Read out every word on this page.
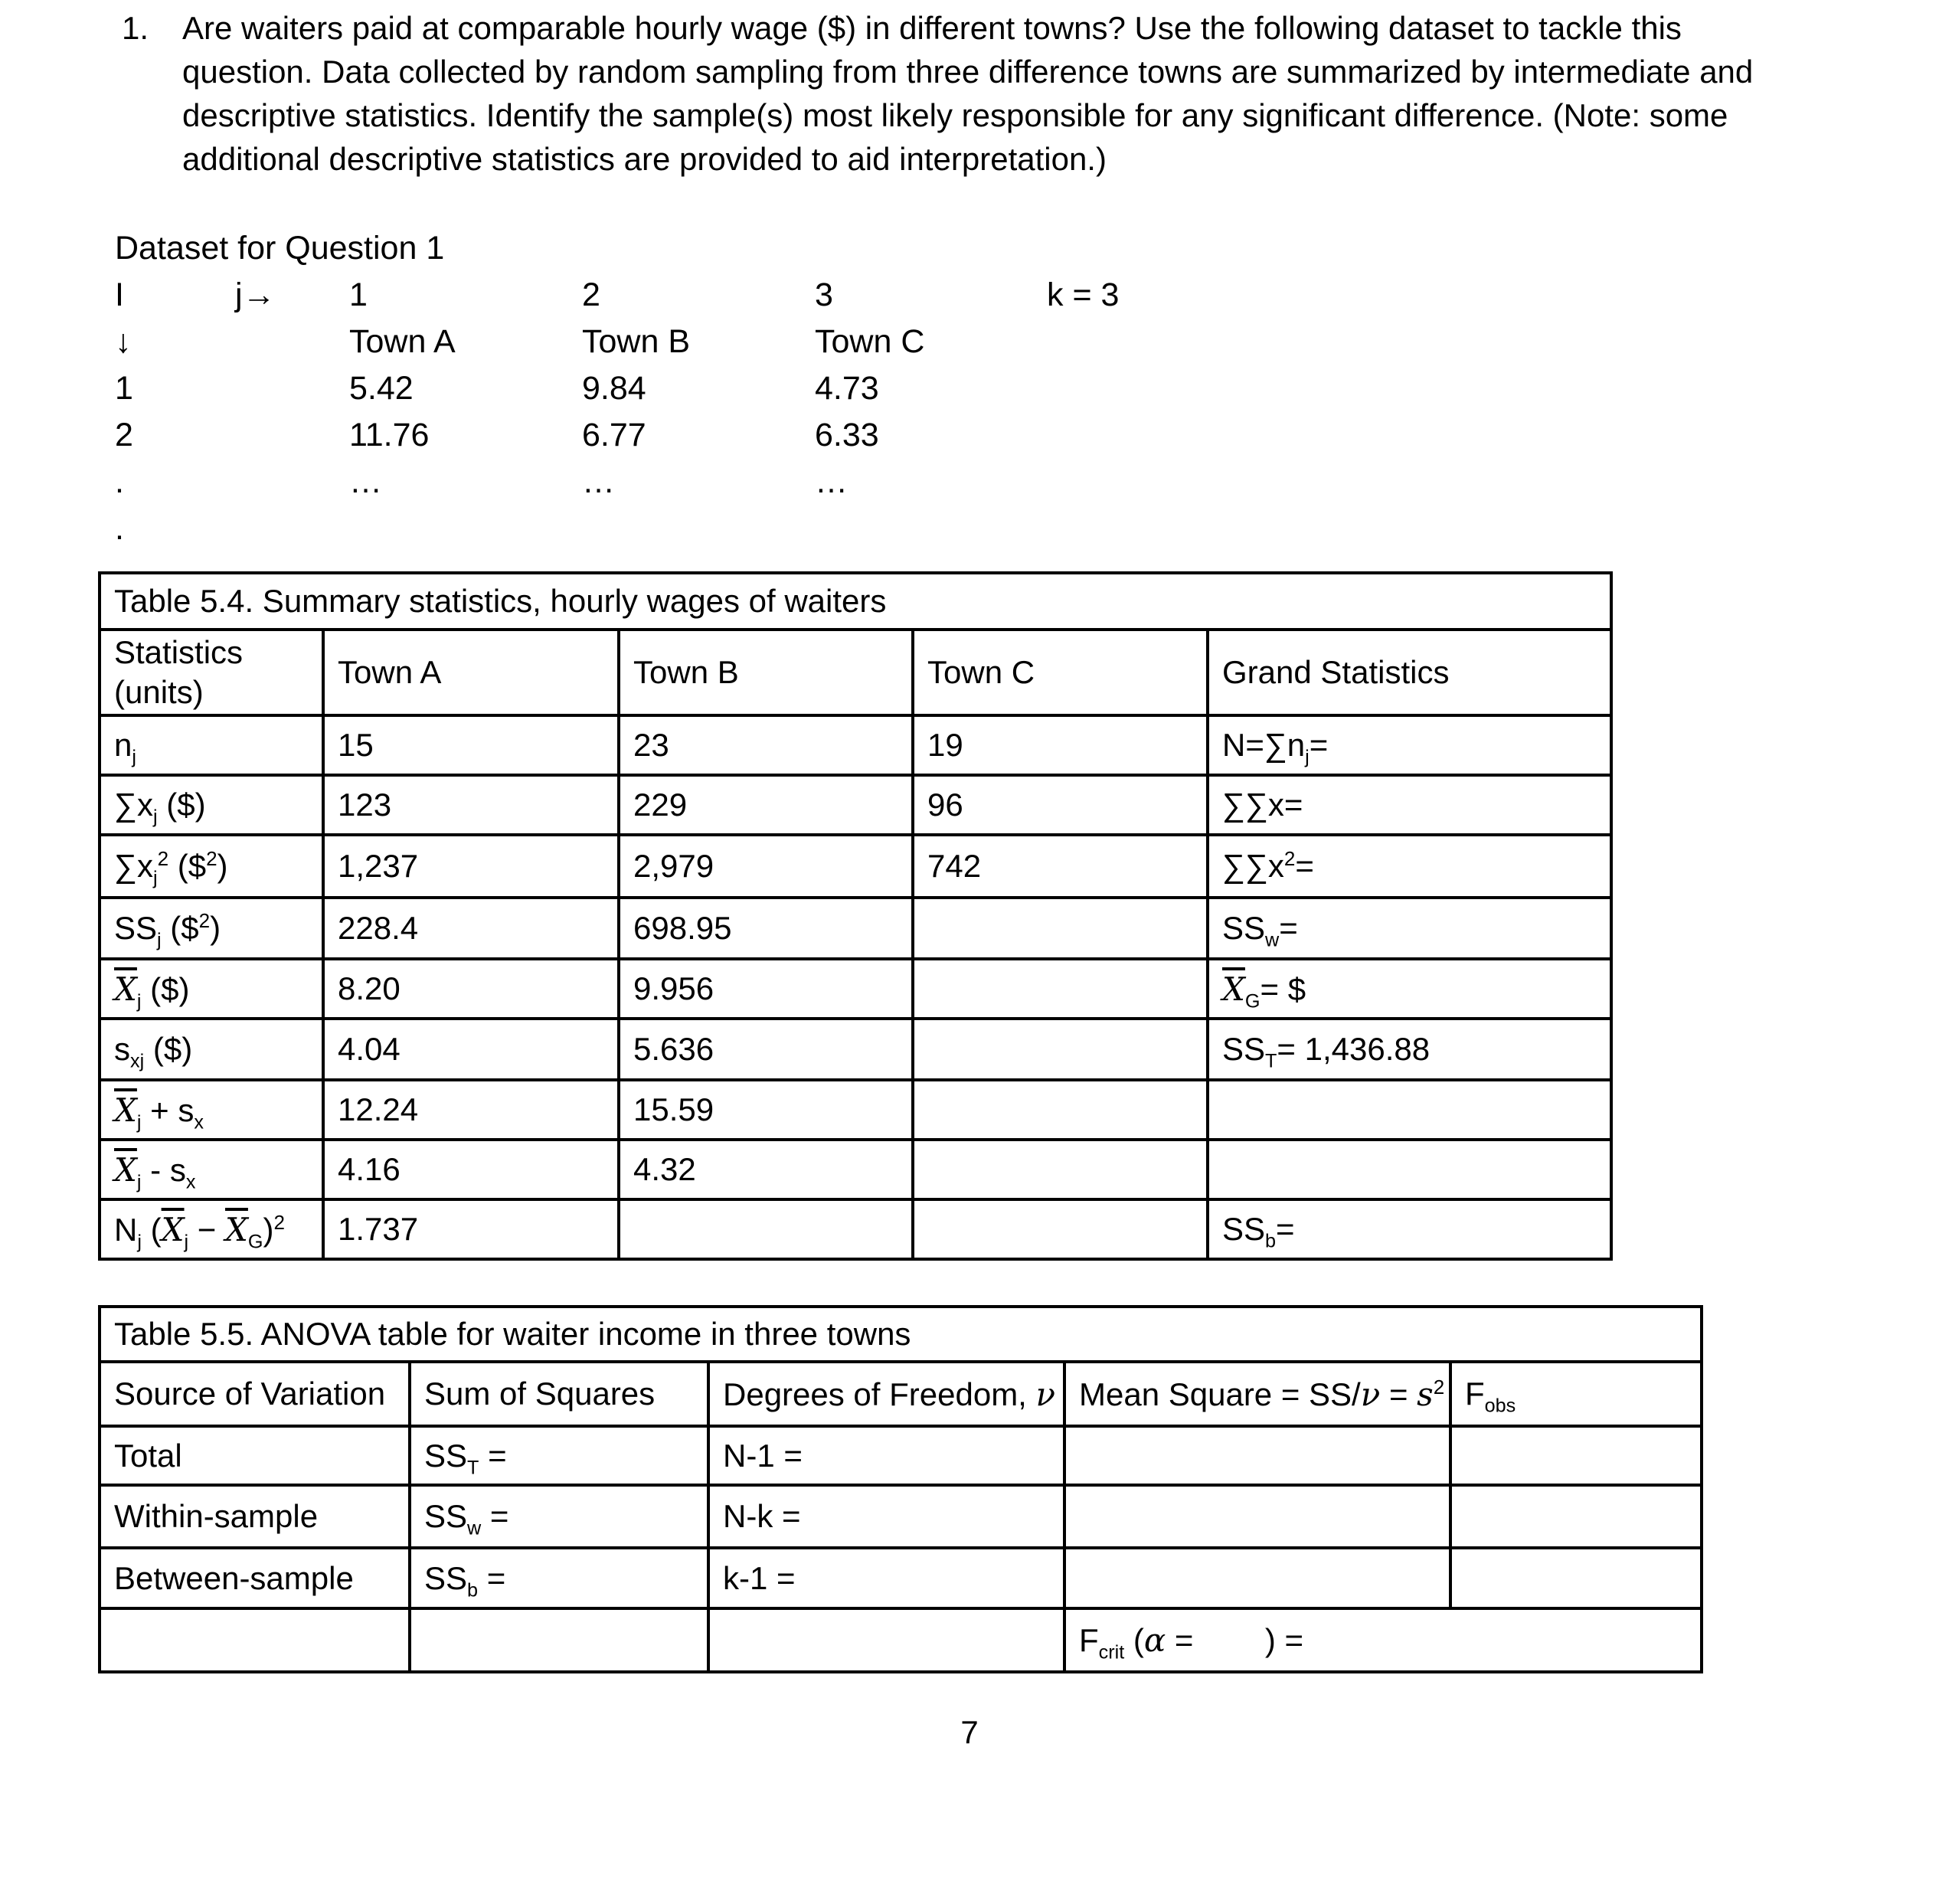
1. Are waiters paid at comparable hourly wage ($) in different towns? Use the following dataset to tackle this
question. Data collected by random sampling from three difference towns are summarized by intermediate and
descriptive statistics. Identify the sample(s) most likely responsible for any significant difference. (Note: some
additional descriptive statistics are provided to aid interpretation.)
Dataset for Question 1
I	j→ 1	2	3	k = 3
↓	Town A	Town B	Town C
1	5.42	9.84	4.73
2	11.76	6.77	6.33
.	…	…	…
.
Table 5.4. Summary statistics, hourly wages of waiters				
Statistics
(units)	Town A	Town B	Town C	Grand Statistics
$n_j$	15	23	19	$N=\sum n_j=$
$\sum x_j$ ($)	123	229	96	∑∑x=
$\sum x_j^2$ (\$$^2$)	1,237	2,979	742	$\sum\sum x^2=$
$SS_j$ (\$$^2$)	228.4	698.95		$SS_w=$
$\overline{X}_j$ ($)	8.20	9.956		$\overline{X}_G=$ $
$s_{xj}$ ($)	4.04	5.636		$SS_T= 1,436.88$
$\overline{X}_j + s_x$	12.24	15.59		
$\overline{X}_j - s_x$	4.16	4.32		
$N_j$ $(\overline{X}_j - \overline{X}_G)^2$	1.737			$SS_b=$
Table 5.5. ANOVA table for waiter income in three towns				
Source of Variation	Sum of Squares	Degrees of Freedom, ν	Mean Square = $SS/\nu = s^2$	$F_{obs}$
Total	$SS_T$ =	N-1 =		
Within-sample	$SS_w$ =	N-k =		
Between-sample	$SS_b$ =	k-1 =		
			$F_{crit}$ (α =        ) =	
7
